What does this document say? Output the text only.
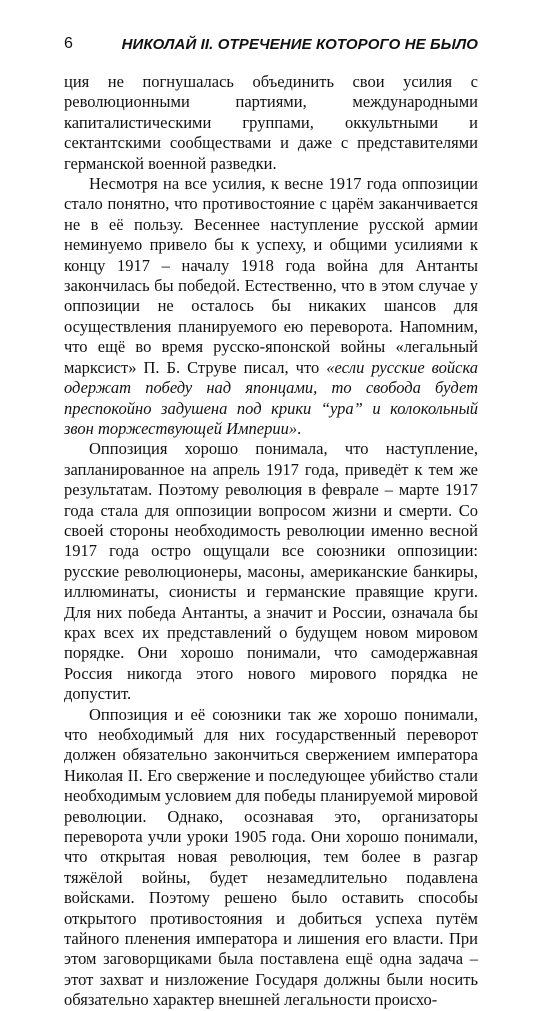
6	НИКОЛАЙ II. ОТРЕЧЕНИЕ КОТОРОГО НЕ БЫЛО

ция не погнушалась объединить свои усилия с революционными партиями, международными капиталистическими группами, оккультными и сектантскими сообществами и даже с представителями германской военной разведки.

Несмотря на все усилия, к весне 1917 года оппозиции стало понятно, что противостояние с царём заканчивается не в её пользу. Весеннее наступление русской армии неминуемо привело бы к успеху, и общими усилиями к концу 1917 – началу 1918 года война для Антанты закончилась бы победой. Естественно, что в этом случае у оппозиции не осталось бы никаких шансов для осуществления планируемого ею переворота. Напомним, что ещё во время русско-японской войны «легальный марксист» П. Б. Струве писал, что «если русские войска одержат победу над японцами, то свобода будет преспокойно задушена под крики “ура” и колокольный звон торжествующей Империи».

Оппозиция хорошо понимала, что наступление, запланированное на апрель 1917 года, приведёт к тем же результатам. Поэтому революция в феврале – марте 1917 года стала для оппозиции вопросом жизни и смерти. Со своей стороны необходимость революции именно весной 1917 года остро ощущали все союзники оппозиции: русские революционеры, масоны, американские банкиры, иллюминаты, сионисты и германские правящие круги. Для них победа Антанты, а значит и России, означала бы крах всех их представлений о будущем новом мировом порядке. Они хорошо понимали, что самодержавная Россия никогда этого нового мирового порядка не допустит.

Оппозиция и её союзники так же хорошо понимали, что необходимый для них государственный переворот должен обязательно закончиться свержением императора Николая II. Его свержение и последующее убийство стали необходимым условием для победы планируемой мировой революции. Однако, осознавая это, организаторы переворота учли уроки 1905 года. Они хорошо понимали, что открытая новая революция, тем более в разгар тяжёлой войны, будет незамедлительно подавлена войсками. Поэтому решено было оставить способы открытого противостояния и добиться успеха путём тайного пленения императора и лишения его власти. При этом заговорщиками была поставлена ещё одна задача – этот захват и низложение Государя должны были носить обязательно характер внешней легальности происхо-
